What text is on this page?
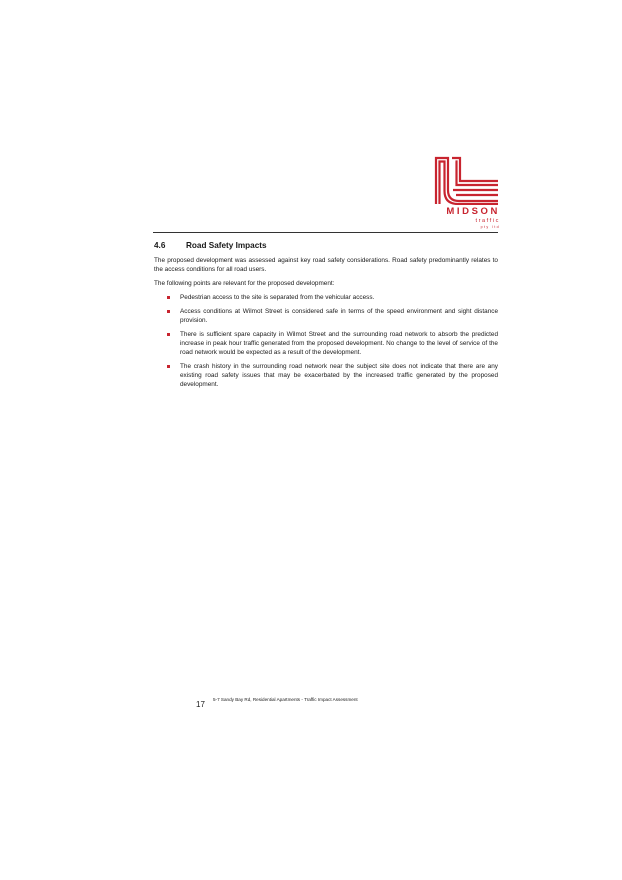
MIDSON
traffic
pty ltd
4.6	Road Safety Impacts

The proposed development was assessed against key road safety considerations. Road safety predominantly relates to the access conditions for all road users.

The following points are relevant for the proposed development:

Pedestrian access to the site is separated from the vehicular access.
Access conditions at Wilmot Street is considered safe in terms of the speed environment and sight distance provision.
There is sufficient spare capacity in Wilmot Street and the surrounding road network to absorb the predicted increase in peak hour traffic generated from the proposed development. No change to the level of service of the road network would be expected as a result of the development.
The crash history in the surrounding road network near the subject site does not indicate that there are any existing road safety issues that may be exacerbated by the increased traffic generated by the proposed development.
17
5-7 Sandy Bay Rd, Residential Apartments - Traffic Impact Assessment
